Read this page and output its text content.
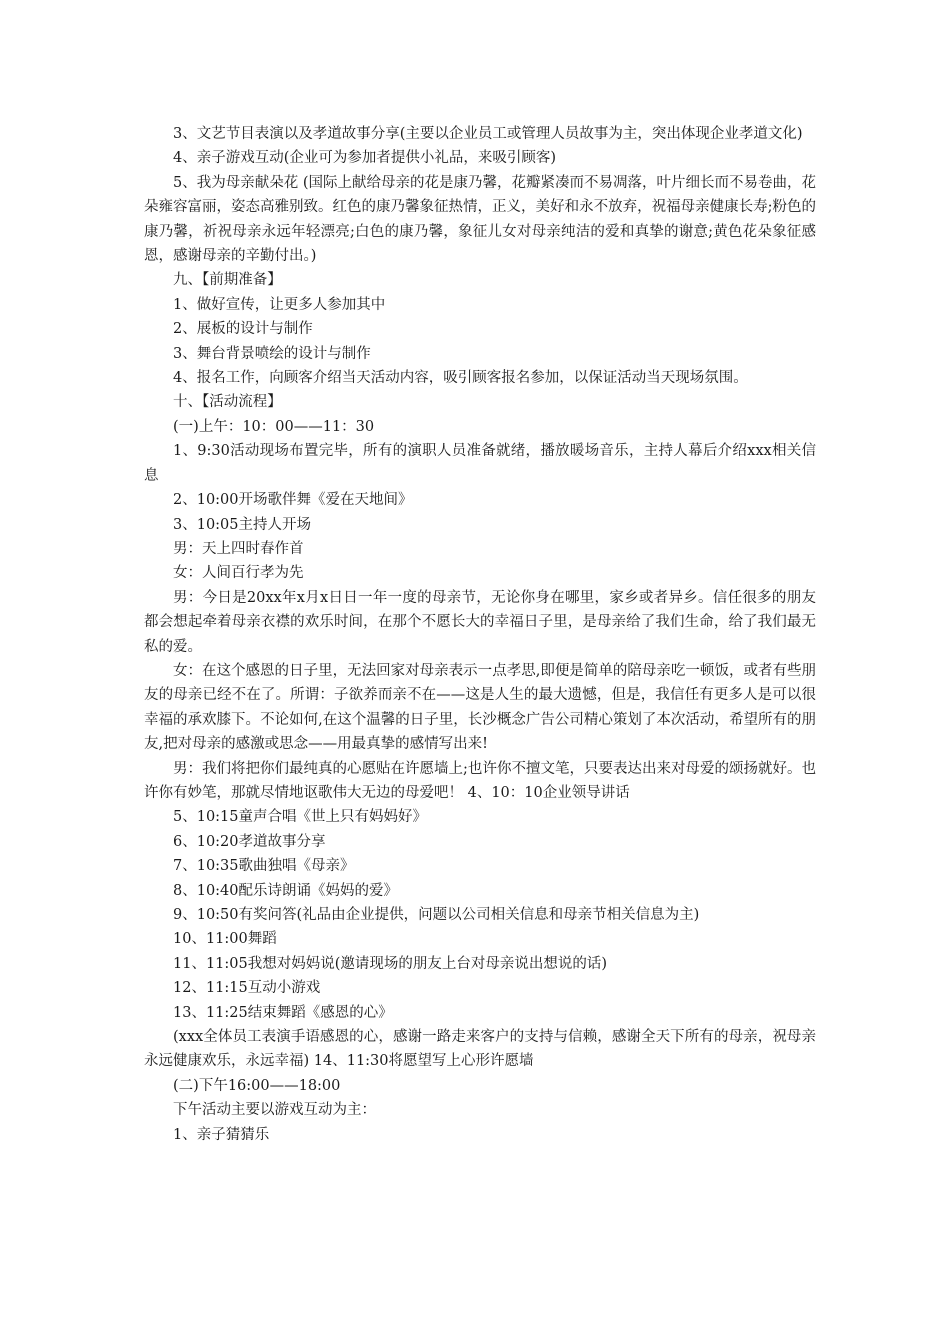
3、文艺节目表演以及孝道故事分享(主要以企业员工或管理人员故事为主，突出体现企业孝道文化)

4、亲子游戏互动(企业可为参加者提供小礼品，来吸引顾客)

5、我为母亲献朵花 (国际上献给母亲的花是康乃馨，花瓣紧凑而不易凋落，叶片细长而不易卷曲，花朵雍容富丽，姿态高雅别致。红色的康乃馨象征热情，正义，美好和永不放弃，祝福母亲健康长寿;粉色的康乃馨，祈祝母亲永远年轻漂亮;白色的康乃馨，象征儿女对母亲纯洁的爱和真挚的谢意;黄色花朵象征感恩，感谢母亲的辛勤付出。)

九、【前期准备】

1、做好宣传，让更多人参加其中

2、展板的设计与制作

3、舞台背景喷绘的设计与制作

4、报名工作，向顾客介绍当天活动内容，吸引顾客报名参加，以保证活动当天现场氛围。

十、【活动流程】

(一)上午：10：00——11：30

1、9:30活动现场布置完毕，所有的演职人员准备就绪，播放暖场音乐，主持人幕后介绍xxx相关信息

2、10:00开场歌伴舞《爱在天地间》

3、10:05主持人开场

男：天上四时春作首

女：人间百行孝为先

男：今日是20xx年x月x日日一年一度的母亲节，无论你身在哪里，家乡或者异乡。信任很多的朋友都会想起牵着母亲衣襟的欢乐时间，在那个不愿长大的幸福日子里，是母亲给了我们生命，给了我们最无私的爱。

女：在这个感恩的日子里，无法回家对母亲表示一点孝思,即便是简单的陪母亲吃一顿饭，或者有些朋友的母亲已经不在了。所谓：子欲养而亲不在——这是人生的最大遗憾，但是，我信任有更多人是可以很幸福的承欢膝下。不论如何,在这个温馨的日子里，长沙概念广告公司精心策划了本次活动，希望所有的朋友,把对母亲的感激或思念——用最真挚的感情写出来!

男：我们将把你们最纯真的心愿贴在许愿墙上;也许你不擅文笔，只要表达出来对母爱的颂扬就好。也许你有妙笔，那就尽情地讴歌伟大无边的母爱吧！ 4、10：10企业领导讲话

5、10:15童声合唱《世上只有妈妈好》

6、10:20孝道故事分享

7、10:35歌曲独唱《母亲》

8、10:40配乐诗朗诵《妈妈的爱》

9、10:50有奖问答(礼品由企业提供，问题以公司相关信息和母亲节相关信息为主)

10、11:00舞蹈

11、11:05我想对妈妈说(邀请现场的朋友上台对母亲说出想说的话)

12、11:15互动小游戏

13、11:25结束舞蹈《感恩的心》

(xxx全体员工表演手语感恩的心，感谢一路走来客户的支持与信赖，感谢全天下所有的母亲，祝母亲永远健康欢乐，永远幸福) 14、11:30将愿望写上心形许愿墙

(二)下午16:00——18:00

下午活动主要以游戏互动为主：

1、亲子猜猜乐
